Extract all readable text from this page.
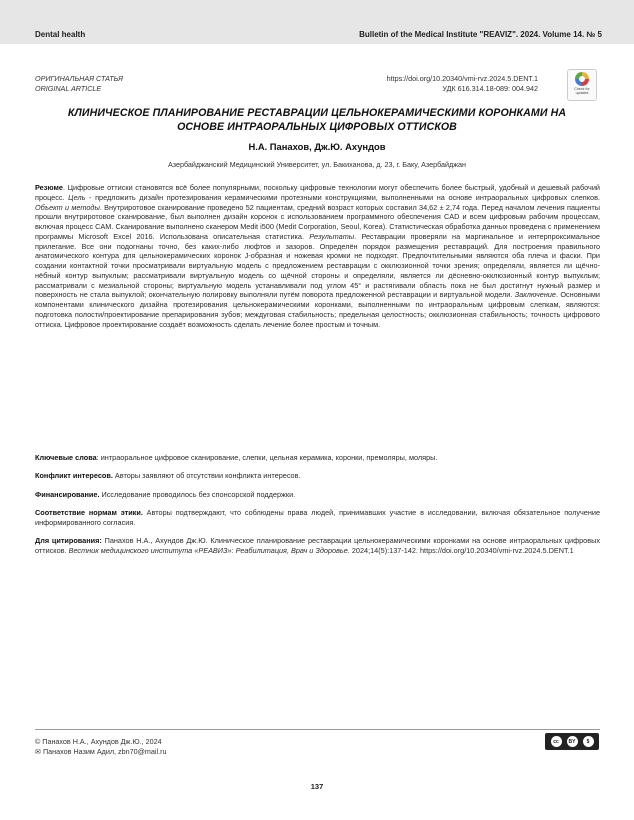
Dental health	Bulletin of the Medical Institute "REAVIZ". 2024. Volume 14. № 5
ОРИГИНАЛЬНАЯ СТАТЬЯ
ORIGINAL ARTICLE
https://doi.org/10.20340/vmi-rvz.2024.5.DENT.1
УДК 616.314.18-089: 004.942	Check for updates
КЛИНИЧЕСКОЕ ПЛАНИРОВАНИЕ РЕСТАВРАЦИИ ЦЕЛЬНОКЕРАМИЧЕСКИМИ КОРОНКАМИ НА ОСНОВЕ ИНТРАОРАЛЬНЫХ ЦИФРОВЫХ ОТТИСКОВ
Н.А. Панахов, Дж.Ю. Ахундов
Азербайджанский Медицинский Университет, ул. Бакиханова, д. 23, г. Баку, Азербайджан

Резюме. Цифровые оттиски становятся всё более популярными, поскольку цифровые технологии могут обеспечить более быстрый, удобный и дешевый рабочий процесс. Цель - предложить дизайн протезирования керамическими протезными конструкциями, выполненными на основе интраоральных цифровых слепков. Объект и методы. Внутриротовое сканирование проведено 52 пациентам, средний возраст которых составил 34,62 ± 2,74 года. Перед началом лечения пациенты прошли внутриротовое сканирование, был выполнен дизайн коронок с использованием программного обеспечения CAD и всем цифровым рабочим процессам, включая процесс CAM. Сканирование выполнено сканером Medit i500 (Medit Corporation, Seoul, Korea). Статистическая обработка данных проведена с применением программы Microsoft Excel 2016. Использована описательная статистика. Результаты. Реставрации проверяли на маргинальное и интерпроксимальное прилегание. Все они подогнаны точно, без каких-либо люфтов и зазоров. Определён порядок размещения реставраций. Для построения правильного анатомического контура для цельнокерамических коронок J-образная и ножевая кромки не подходят. Предпочтительными являются оба плеча и фаски. При создании контактной точки просматривали виртуальную модель с предложением реставрации с окклюзионной точки зрения; определяли, является ли щёчно-нёбный контур выпуклым; рассматривали виртуальную модель со щёчной стороны и определяли, является ли дёсневно-окклюзионный контур выпуклым; рассматривали с мезиальной стороны; виртуальную модель устанавливали под углом 45° и растягивали область пока не был достигнут нужный размер и поверхность не стала выпуклой; окончательную полировку выполняли путём поворота предложенной реставрации и виртуальной модели. Заключение. Основными компонентами клинического дизайна протезирования цельнокерамическими коронками, выполненными по интраоральным цифровым слепкам, являются: подготовка полости/проектирование препарирования зубов; междуговая стабильность; предельная целостность; окклюзионная стабильность; точность цифрового оттиска. Цифровое проектирование создаёт возможность сделать лечение более простым и точным.

Ключевые слова: интраоральное цифровое сканирование, слепки, цельная керамика, коронки, премоляры, моляры.
Конфликт интересов. Авторы заявляют об отсутствии конфликта интересов.
Финансирование. Исследование проводилось без спонсорской поддержки.
Соответствие нормам этики. Авторы подтверждают, что соблюдены права людей, принимавших участие в исследовании, включая обязательное получение информированного согласия.
Для цитирования: Панахов Н.А., Ахундов Дж.Ю. Клиническое планирование реставрации цельнокерамическими коронками на основе интраоральных цифровых оттисков. Вестник медицинского института «РЕАВИЗ»: Реабилитация, Врач и Здоровье. 2024;14(5):137-142. https://doi.org/10.20340/vmi-rvz.2024.5.DENT.1
© Панахов Н.А., Ахундов Дж.Ю., 2024
✉ Панахов Назим Адил, zbn70@mail.ru
cc	BY	$
137
